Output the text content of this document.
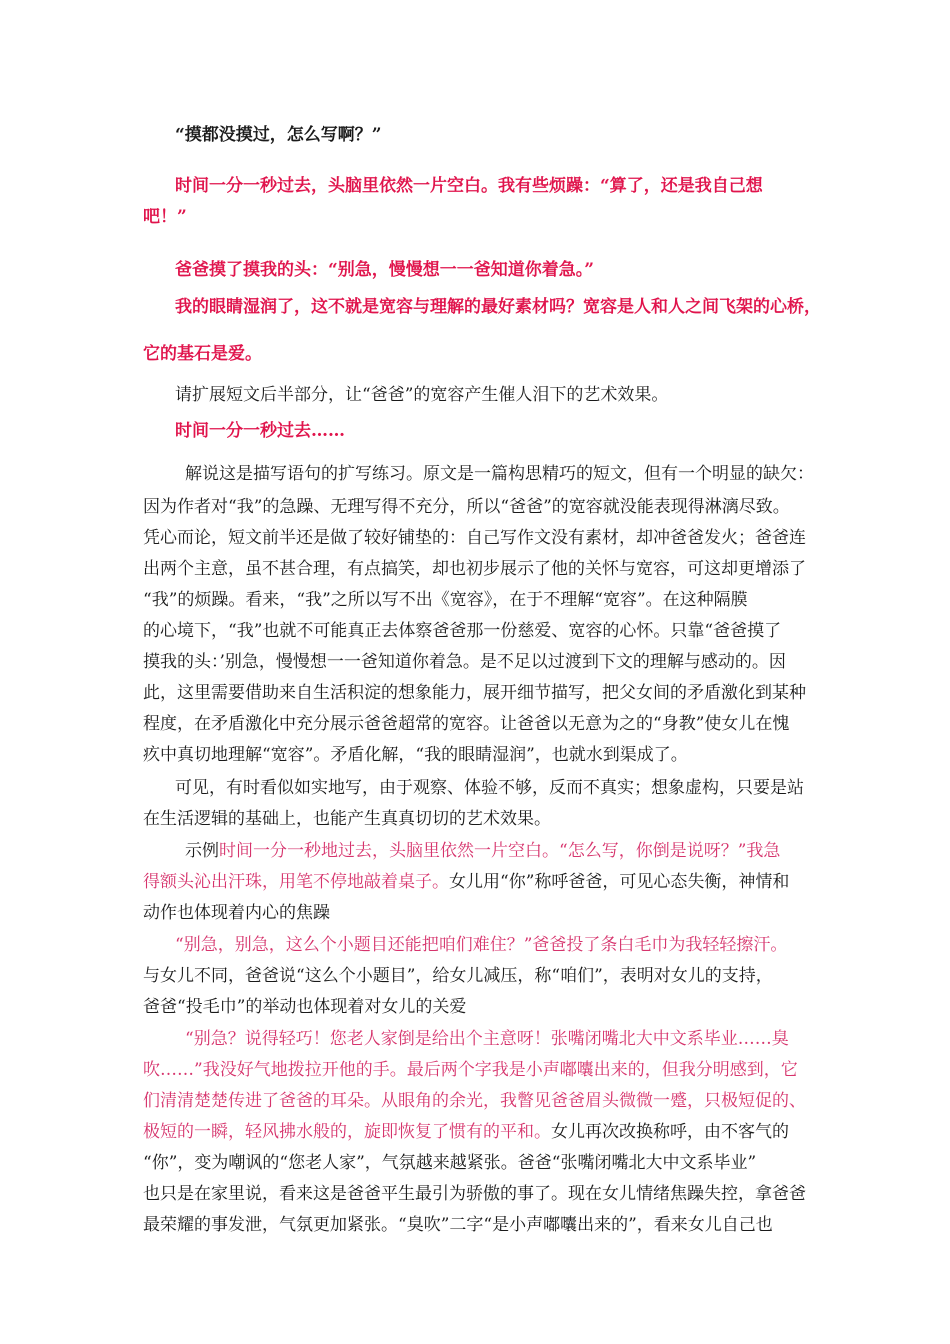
“摸都没摸过，怎么写啊？”
时间一分一秒过去，头脑里依然一片空白。我有些烦躁：“算了，还是我自己想
吧！”
爸爸摸了摸我的头：“别急，慢慢想一一爸知道你着急。”
我的眼睛湿润了，这不就是宽容与理解的最好素材吗？宽容是人和人之间飞架的心桥，
它的基石是爱。
请扩展短文后半部分，让“爸爸”的宽容产生催人泪下的艺术效果。
时间一分一秒过去……
解说这是描写语句的扩写练习。原文是一篇构思精巧的短文，但有一个明显的缺欠：
因为作者对“我”的急躁、无理写得不充分，所以“爸爸”的宽容就没能表现得淋漓尽致。
凭心而论，短文前半还是做了较好铺垫的：自己写作文没有素材，却冲爸爸发火；爸爸连
出两个主意，虽不甚合理，有点搞笑，却也初步展示了他的关怀与宽容，可这却更增添了
“我”的烦躁。看来，“我”之所以写不出《宽容》，在于不理解“宽容”。在这种隔膜
的心境下，“我”也就不可能真正去体察爸爸那一份慈爱、宽容的心怀。只靠“爸爸摸了
摸我的头：’别急，慢慢想一一爸知道你着急。是不足以过渡到下文的理解与感动的。因
此，这里需要借助来自生活积淀的想象能力，展开细节描写，把父女间的矛盾激化到某种
程度，在矛盾激化中充分展示爸爸超常的宽容。让爸爸以无意为之的“身教”使女儿在愧
疚中真切地理解“宽容”。矛盾化解，“我的眼睛湿润”，也就水到渠成了。
可见，有时看似如实地写，由于观察、体验不够，反而不真实；想象虚构，只要是站
在生活逻辑的基础上，也能产生真真切切的艺术效果。
示例时间一分一秒地过去，头脑里依然一片空白。“怎么写，你倒是说呀？”我急
得额头沁出汗珠，用笔不停地敲着桌子。女儿用“你”称呼爸爸，可见心态失衡，神情和
动作也体现着内心的焦躁
“别急，别急，这么个小题目还能把咱们难住？”爸爸投了条白毛巾为我轻轻擦汗。
与女儿不同，爸爸说“这么个小题目”，给女儿减压，称“咱们”，表明对女儿的支持，
爸爸“投毛巾”的举动也体现着对女儿的关爱
“别急？说得轻巧！您老人家倒是给出个主意呀！张嘴闭嘴北大中文系毕业……臭
吹……”我没好气地拨拉开他的手。最后两个字我是小声嘟囔出来的，但我分明感到，它
们清清楚楚传进了爸爸的耳朵。从眼角的余光，我瞥见爸爸眉头微微一蹙，只极短促的、
极短的一瞬，轻风拂水般的，旋即恢复了惯有的平和。女儿再次改换称呼，由不客气的
“你”，变为嘲讽的“您老人家”，气氛越来越紧张。爸爸“张嘴闭嘴北大中文系毕业”
也只是在家里说，看来这是爸爸平生最引为骄傲的事了。现在女儿情绪焦躁失控，拿爸爸
最荣耀的事发泄，气氛更加紧张。“臭吹”二字“是小声嘟囔出来的”，看来女儿自己也
